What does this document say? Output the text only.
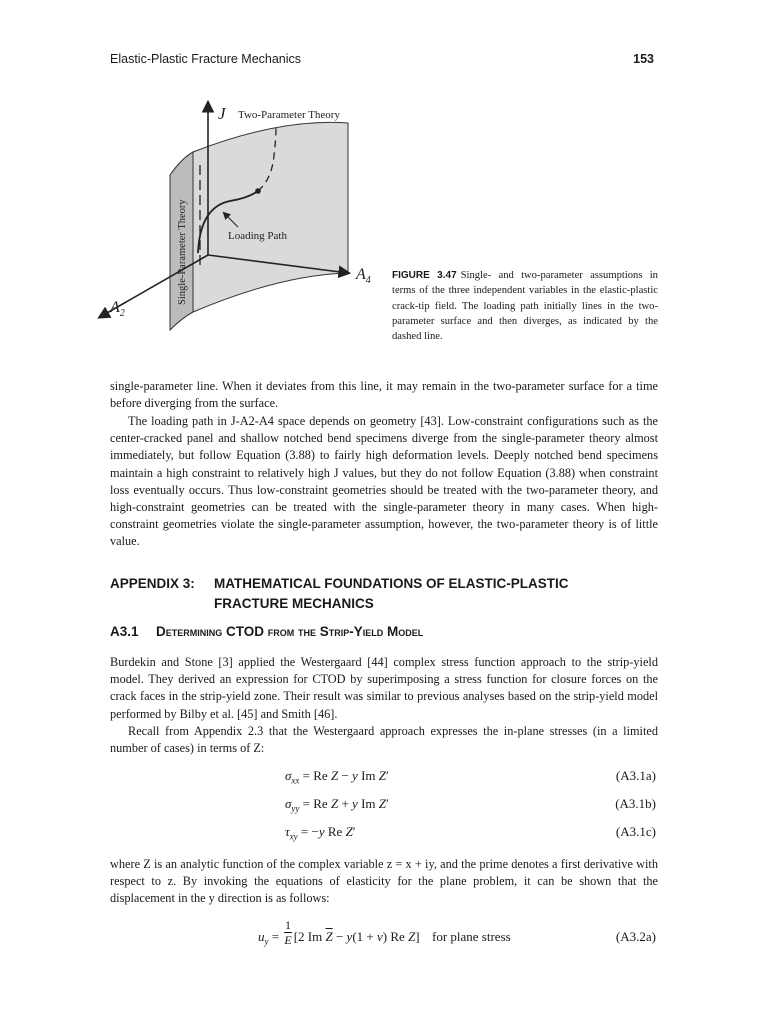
Elastic-Plastic Fracture Mechanics	153
J Two-Parameter Theory
Loading Path
Single-Parameter Theory	$A_4$
$A_2$
FIGURE 3.47 Single- and two-parameter assumptions in terms of the three independent variables in the elastic-plastic crack-tip field. The loading path initially lines in the two-parameter surface and then diverges, as indicated by the dashed line.

single-parameter line. When it deviates from this line, it may remain in the two-parameter surface for a time before diverging from the surface.

The loading path in J-A2-A4 space depends on geometry [43]. Low-constraint configurations such as the center-cracked panel and shallow notched bend specimens diverge from the single-parameter theory almost immediately, but follow Equation (3.88) to fairly high deformation levels. Deeply notched bend specimens maintain a high constraint to relatively high J values, but they do not follow Equation (3.88) when constraint loss eventually occurs. Thus low-constraint geometries should be treated with the two-parameter theory, and high-constraint geometries can be treated with the single-parameter theory in many cases. When high-constraint geometries violate the single-parameter assumption, however, the two-parameter theory is of little value.

APPENDIX 3: MATHEMATICAL FOUNDATIONS OF ELASTIC-PLASTIC
FRACTURE MECHANICS
A3.1 Determining CTOD from the Strip-Yield Model

Burdekin and Stone [3] applied the Westergaard [44] complex stress function approach to the strip-yield model. They derived an expression for CTOD by superimposing a stress function for closure forces on the crack faces in the strip-yield zone. Their result was similar to previous analyses based on the strip-yield model performed by Bilby et al. [45] and Smith [46].

Recall from Appendix 2.3 that the Westergaard approach expresses the in-plane stresses (in a limited number of cases) in terms of Z:

$\sigma_{xx} = Re$ Z − y Im Z′	(A3.1a)
$\sigma_{yy} = Re$ Z + y Im Z′	(A3.1b)
$\tau_{xy} = -y$ Re Z′	(A3.1c)

where Z is an analytic function of the complex variable z = x + iy, and the prime denotes a first derivative with respect to z. By invoking the equations of elasticity for the plane problem, it can be shown that the displacement in the y direction is as follows:

$u_y = \frac{1}{E} [2$ Im $\overline{Z} - y(1 + \nu)$ Re Z] for plane stress	(A3.2a)
